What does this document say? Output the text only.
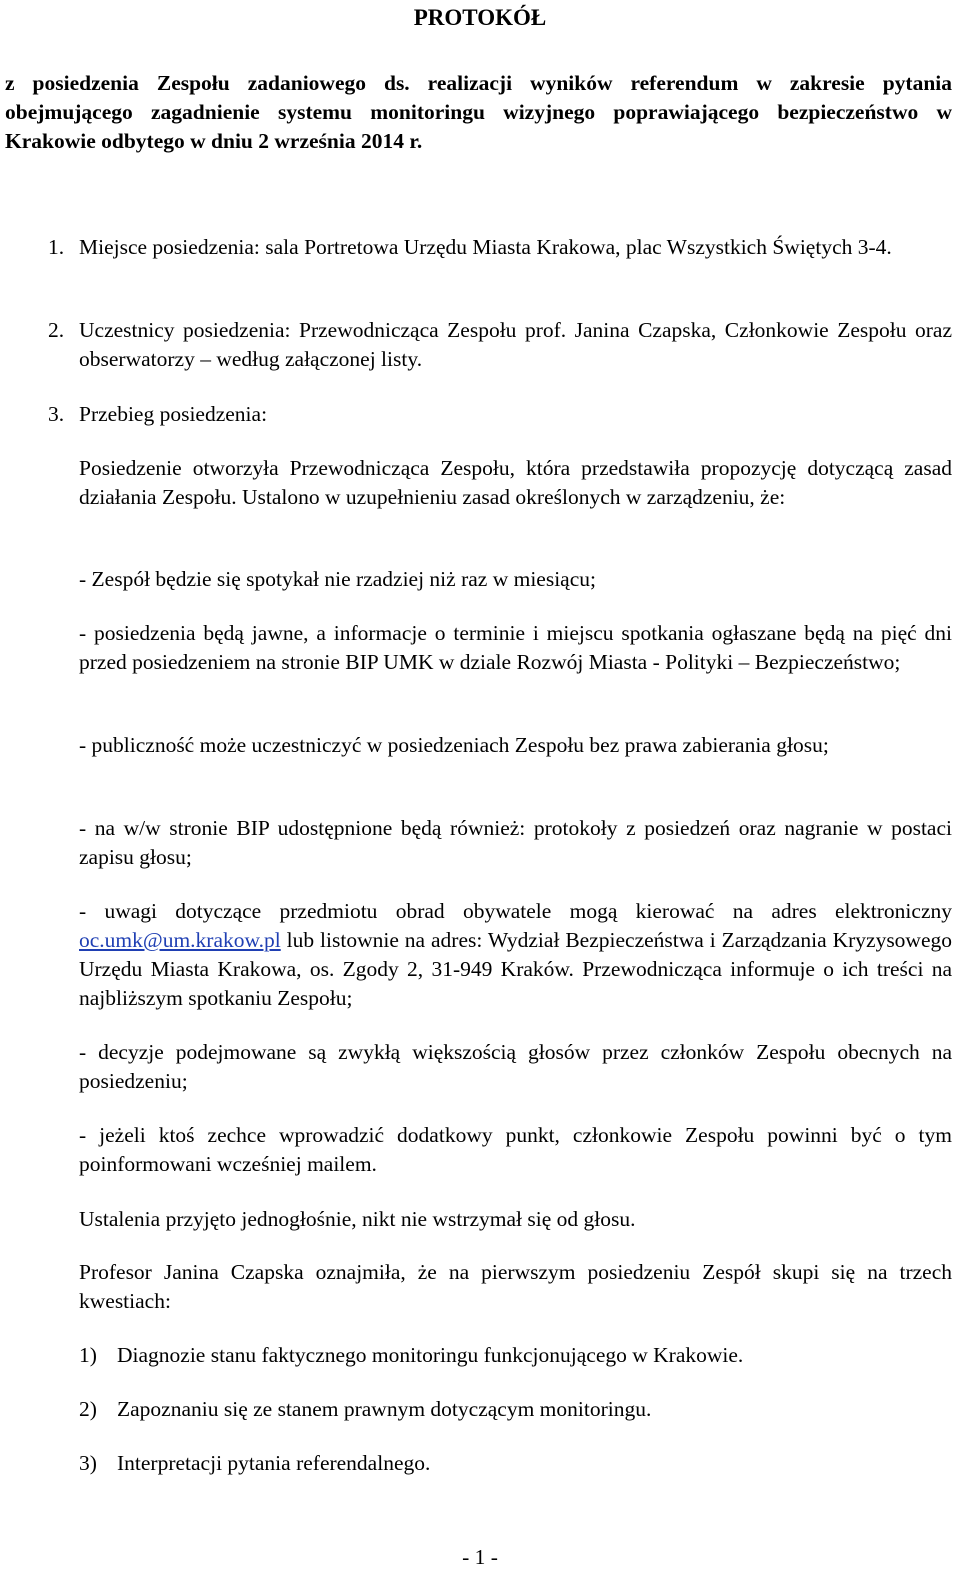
PROTOKÓŁ

z posiedzenia Zespołu zadaniowego ds. realizacji wyników referendum w zakresie pytania obejmującego zagadnienie systemu monitoringu wizyjnego poprawiającego bezpieczeństwo w Krakowie odbytego w dniu 2 września 2014 r.

1. Miejsce posiedzenia: sala Portretowa Urzędu Miasta Krakowa, plac Wszystkich Świętych 3-4.
2. Uczestnicy posiedzenia: Przewodnicząca Zespołu prof. Janina Czapska, Członkowie Zespołu oraz obserwatorzy – według załączonej listy.
3. Przebieg posiedzenia:

Posiedzenie otworzyła Przewodnicząca Zespołu, która przedstawiła propozycję dotyczącą zasad działania Zespołu. Ustalono w uzupełnieniu zasad określonych w zarządzeniu, że:

- Zespół będzie się spotykał nie rzadziej niż raz w miesiącu;

- posiedzenia będą jawne, a informacje o terminie i miejscu spotkania ogłaszane będą na pięć dni przed posiedzeniem na stronie BIP UMK w dziale Rozwój Miasta - Polityki – Bezpieczeństwo;

- publiczność może uczestniczyć w posiedzeniach Zespołu bez prawa zabierania głosu;

- na w/w stronie BIP udostępnione będą również: protokoły z posiedzeń oraz nagranie w postaci zapisu głosu;

- uwagi dotyczące przedmiotu obrad obywatele mogą kierować na adres elektroniczny oc.umk@um.krakow.pl lub listownie na adres: Wydział Bezpieczeństwa i Zarządzania Kryzysowego Urzędu Miasta Krakowa, os. Zgody 2, 31-949 Kraków. Przewodnicząca informuje o ich treści na najbliższym spotkaniu Zespołu;

- decyzje podejmowane są zwykłą większością głosów przez członków Zespołu obecnych na posiedzeniu;

- jeżeli ktoś zechce wprowadzić dodatkowy punkt, członkowie Zespołu powinni być o tym poinformowani wcześniej mailem.

Ustalenia przyjęto jednogłośnie, nikt nie wstrzymał się od głosu.

Profesor Janina Czapska oznajmiła, że na pierwszym posiedzeniu Zespół skupi się na trzech kwestiach:

1) Diagnozie stanu faktycznego monitoringu funkcjonującego w Krakowie.
2) Zapoznaniu się ze stanem prawnym dotyczącym monitoringu.
3) Interpretacji pytania referendalnego.

- 1 -
